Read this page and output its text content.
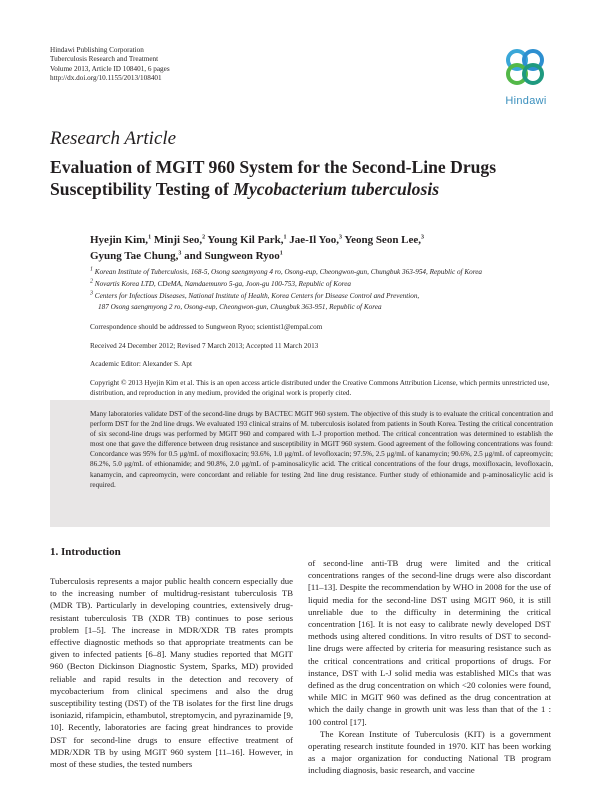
Hindawi Publishing Corporation
Tuberculosis Research and Treatment
Volume 2013, Article ID 108401, 6 pages
http://dx.doi.org/10.1155/2013/108401
Hindawi
Research Article
Evaluation of MGIT 960 System for the Second-Line Drugs
Susceptibility Testing of Mycobacterium tuberculosis
Hyejin Kim,$^1$ Minji Seo,$^2$ Young Kil Park,$^1$ Jae-Il Yoo,$^3$ Yeong Seon Lee,$^3$
Gyung Tae Chung,$^3$ and Sungweon Ryoo$^1$
$^1$ Korean Institute of Tuberculosis, 168-5, Osong saengmyong 4 ro, Osong-eup, Cheongwon-gun, Chungbuk 363-954, Republic of Korea
$^2$ Novartis Korea LTD, CDeMA, Namdaemunro 5-ga, Joon-gu 100-753, Republic of Korea
$^3$ Centers for Infectious Diseases, National Institute of Health, Korea Centers for Disease Control and Prevention,
187 Osong saengmyong 2 ro, Osong-eup, Cheongwon-gun, Chungbuk 363-951, Republic of Korea
Correspondence should be addressed to Sungweon Ryoo; scientist1@empal.com
Received 24 December 2012; Revised 7 March 2013; Accepted 11 March 2013
Academic Editor: Alexander S. Apt
Copyright © 2013 Hyejin Kim et al. This is an open access article distributed under the Creative Commons Attribution License, which permits unrestricted use, distribution, and reproduction in any medium, provided the original work is properly cited.
Many laboratories validate DST of the second-line drugs by BACTEC MGIT 960 system. The objective of this study is to evaluate the critical concentration and perform DST for the 2nd line drugs. We evaluated 193 clinical strains of M. tuberculosis isolated from patients in South Korea. Testing the critical concentration of six second-line drugs was performed by MGIT 960 and compared with L-J proportion method. The critical concentration was determined to establish the most one that gave the difference between drug resistance and susceptibility in MGIT 960 system. Good agreement of the following concentrations was found: Concordance was 95% for 0.5 μg/mL of moxifloxacin; 93.6%, 1.0 μg/mL of levofloxacin; 97.5%, 2.5 μg/mL of kanamycin; 90.6%, 2.5 μg/mL of capreomycin; 86.2%, 5.0 μg/mL of ethionamide; and 90.8%, 2.0 μg/mL of p-aminosalicylic acid. The critical concentrations of the four drugs, moxifloxacin, levofloxacin, kanamycin, and capreomycin, were concordant and reliable for testing 2nd line drug resistance. Further study of ethionamide and p-aminosalicylic acid is required.
1. Introduction

Tuberculosis represents a major public health concern especially due to the increasing number of multidrug-resistant tuberculosis TB (MDR TB). Particularly in developing countries, extensively drug-resistant tuberculosis TB (XDR TB) continues to pose serious problem [1–5]. The increase in MDR/XDR TB rates prompts effective diagnostic methods so that appropriate treatments can be given to infected patients [6–8]. Many studies reported that MGIT 960 (Becton Dickinson Diagnostic System, Sparks, MD) provided reliable and rapid results in the detection and recovery of mycobacterium from clinical specimens and also the drug susceptibility testing (DST) of the TB isolates for the first line drugs isoniazid, rifampicin, ethambutol, streptomycin, and pyrazinamide [9, 10]. Recently, laboratories are facing great hindrances to provide DST for second-line drugs to ensure effective treatment of MDR/XDR TB by using MGIT 960 system [11–16]. However, in most of these studies, the tested numbers

of second-line anti-TB drug were limited and the critical concentrations ranges of the second-line drugs were also discordant [11–13]. Despite the recommendation by WHO in 2008 for the use of liquid media for the second-line DST using MGIT 960, it is still unreliable due to the difficulty in determining the critical concentration [16]. It is not easy to calibrate newly developed DST methods using altered conditions. In vitro results of DST to second-line drugs were affected by criteria for measuring resistance such as the critical concentrations and critical proportions of drugs. For instance, DST with L-J solid media was established MICs that was defined as the drug concentration on which <20 colonies were found, while MIC in MGIT 960 was defined as the drug concentration at which the daily change in growth unit was less than that of the 1 : 100 control [17].

The Korean Institute of Tuberculosis (KIT) is a government operating research institute founded in 1970. KIT has been working as a major organization for conducting National TB program including diagnosis, basic research, and vaccine
